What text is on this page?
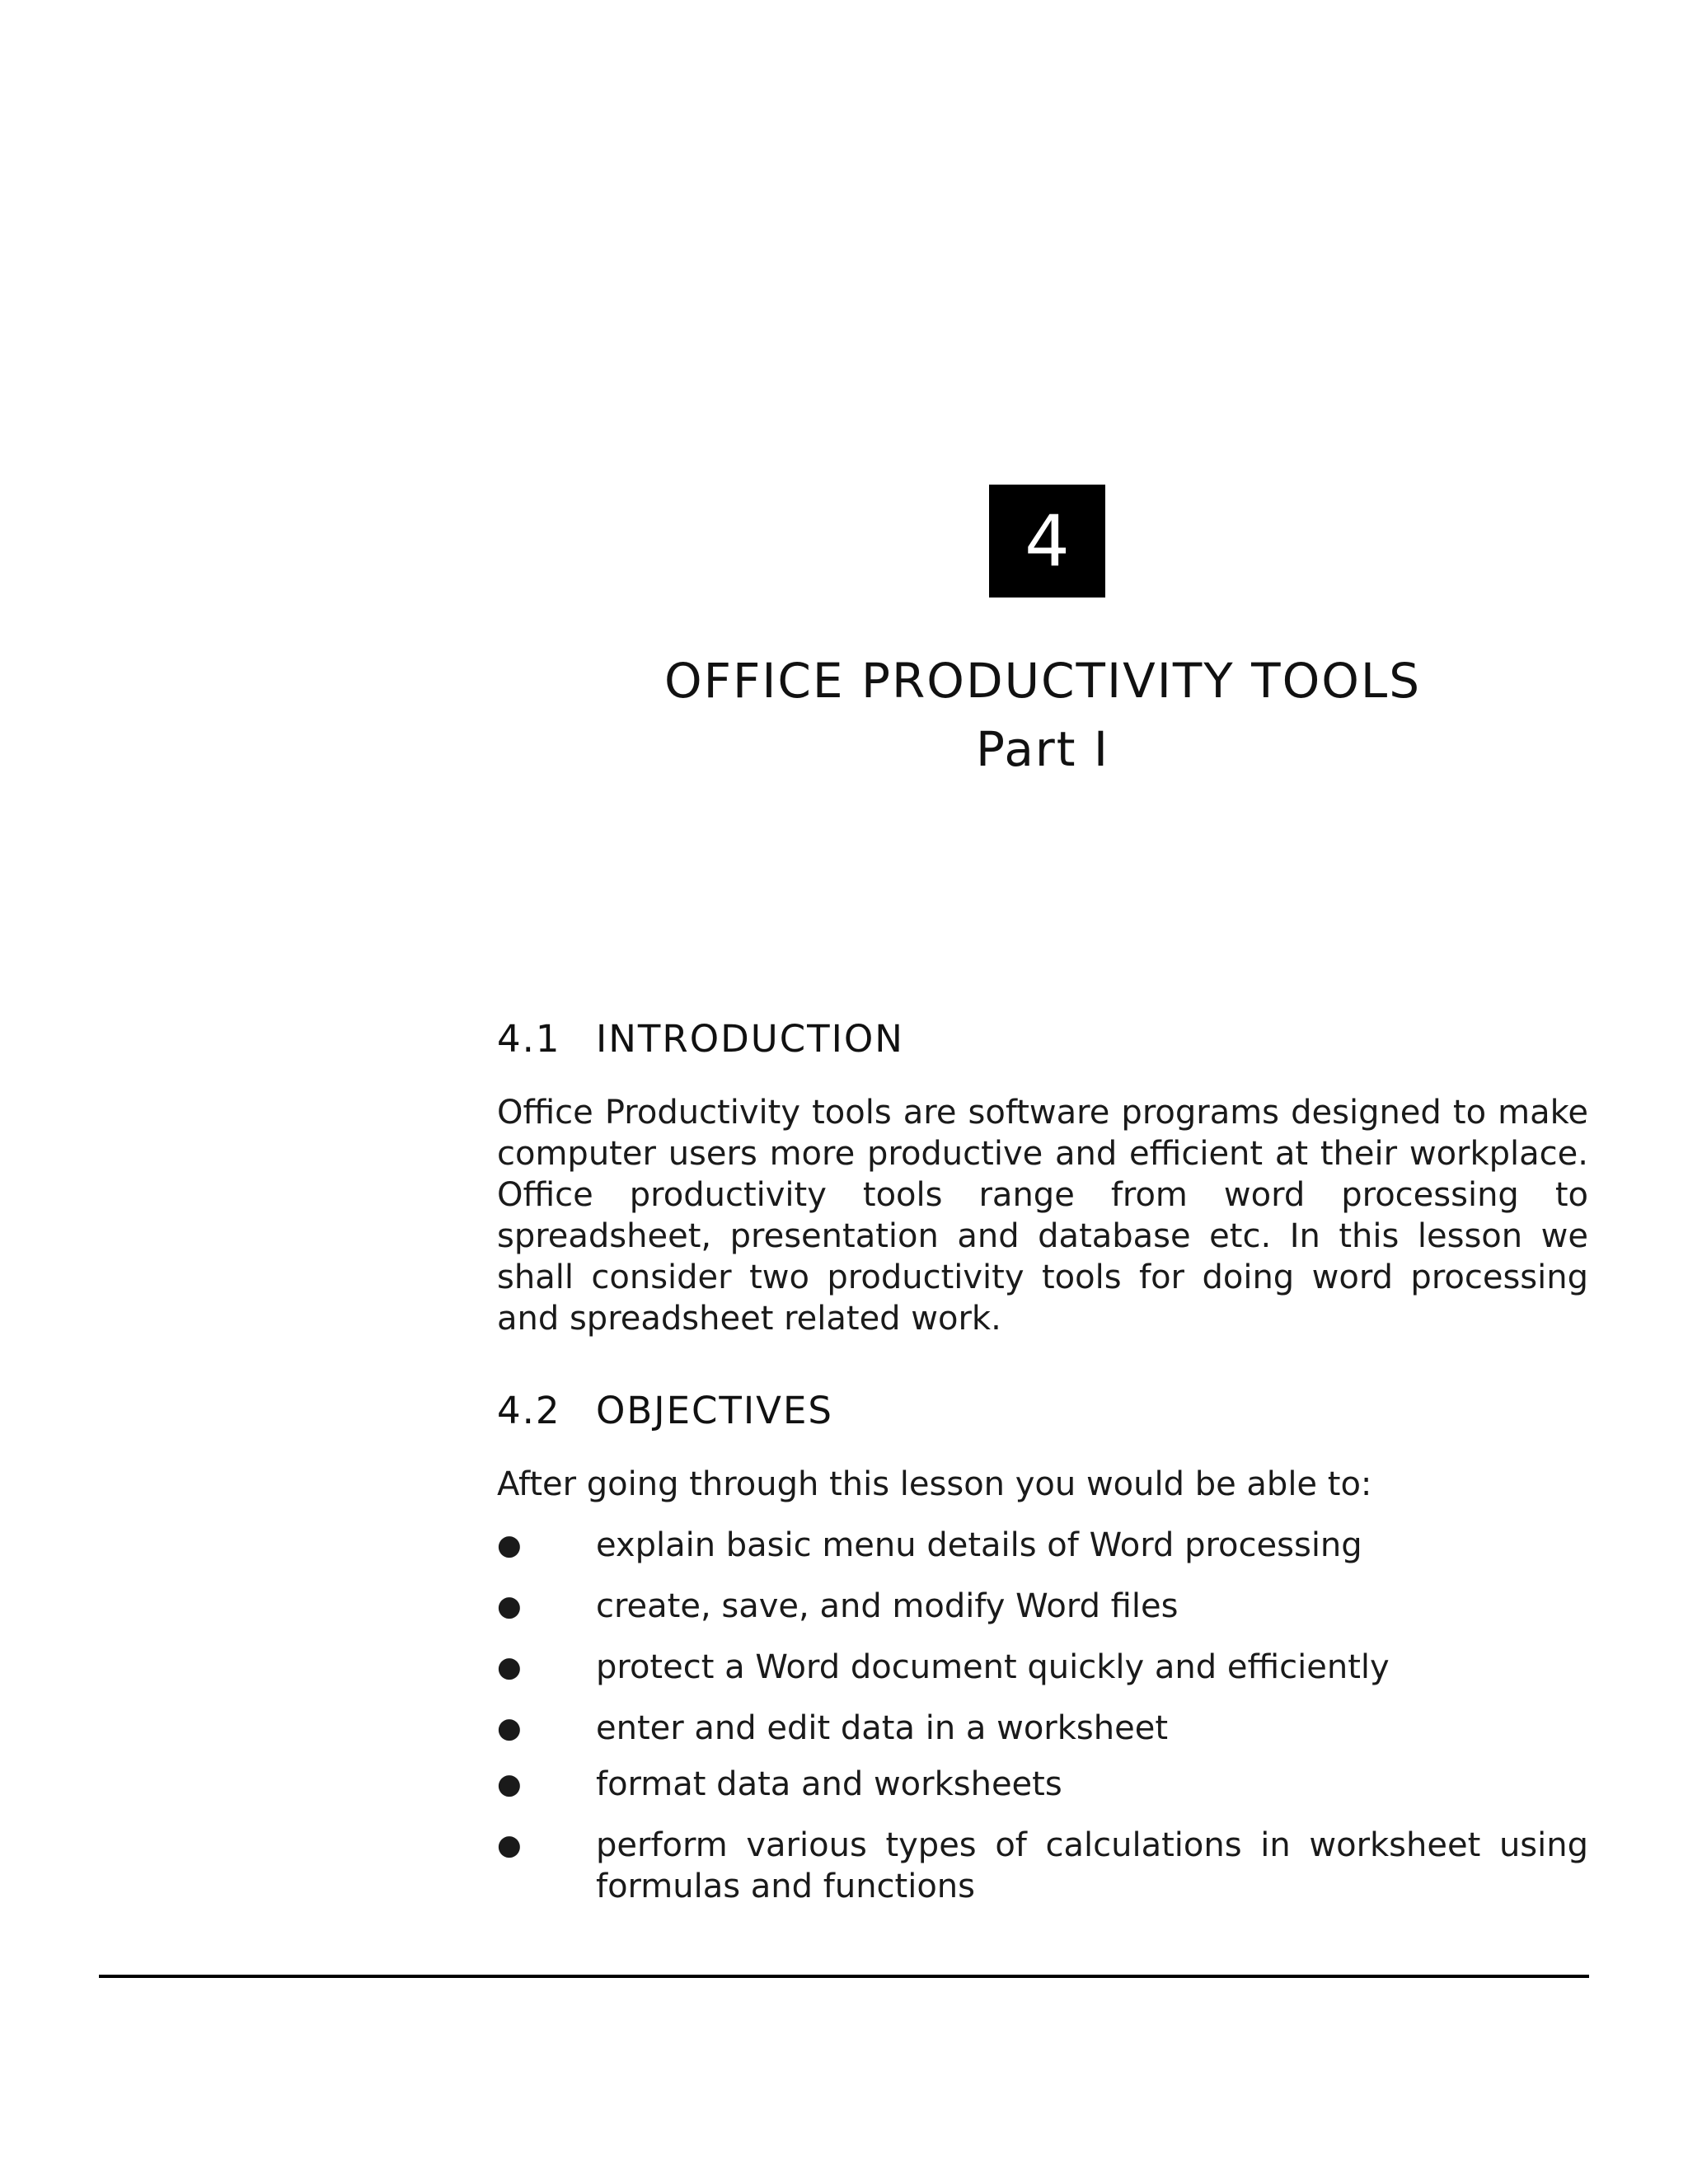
4
OFFICE PRODUCTIVITY TOOLS
Part I
4.1 INTRODUCTION

Office Productivity tools are software programs designed to make computer users more productive and efficient at their workplace. Office productivity tools range from word processing to spreadsheet, presentation and database etc. In this lesson we shall consider two productivity tools for doing word processing and spreadsheet related work.

4.2 OBJECTIVES

After going through this lesson you would be able to:

●	explain basic menu details of Word processing
●	create, save, and modify Word files
●	protect a Word document quickly and efficiently
●	enter and edit data in a worksheet
●	format data and worksheets
●	perform various types of calculations in worksheet using formulas and functions
